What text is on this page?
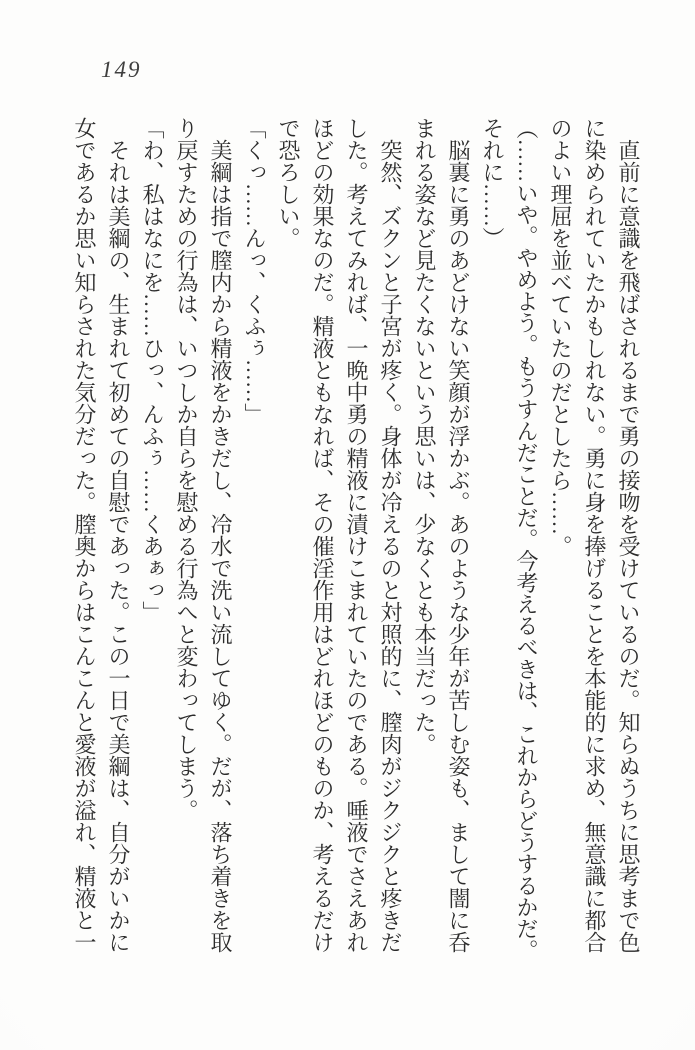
149

直前に意識を飛ばされるまで勇の接吻を受けているのだ。知らぬうちに思考まで色

に染められていたかもしれない。勇に身を捧げることを本能的に求め、無意識に都合

のよい理屈を並べていたのだとしたら……。

（……いや。やめよう。もうすんだことだ。今考えるべきは、これからどうするかだ。

それに……）

脳裏に勇のあどけない笑顔が浮かぶ。あのような少年が苦しむ姿も、まして闇に呑

まれる姿など見たくないという思いは、少なくとも本当だった。

突然、ズクンと子宮が疼く。身体が冷えるのと対照的に、膣肉がジクジクと疼きだ

した。考えてみれば、一晩中勇の精液に漬けこまれていたのである。唾液でさえあれ

ほどの効果なのだ。精液ともなれば、その催淫作用はどれほどのものか、考えるだけ

で恐ろしい。

「くっ……んっ、くふぅ……」

美綱は指で膣内から精液をかきだし、冷水で洗い流してゆく。だが、落ち着きを取

り戻すための行為は、いつしか自らを慰める行為へと変わってしまう。

「わ、私はなにを……ひっ、んふぅ……くあぁっ」

それは美綱の、生まれて初めての自慰であった。この一日で美綱は、自分がいかに

女であるか思い知らされた気分だった。膣奥からはこんこんと愛液が溢れ、精液と一
